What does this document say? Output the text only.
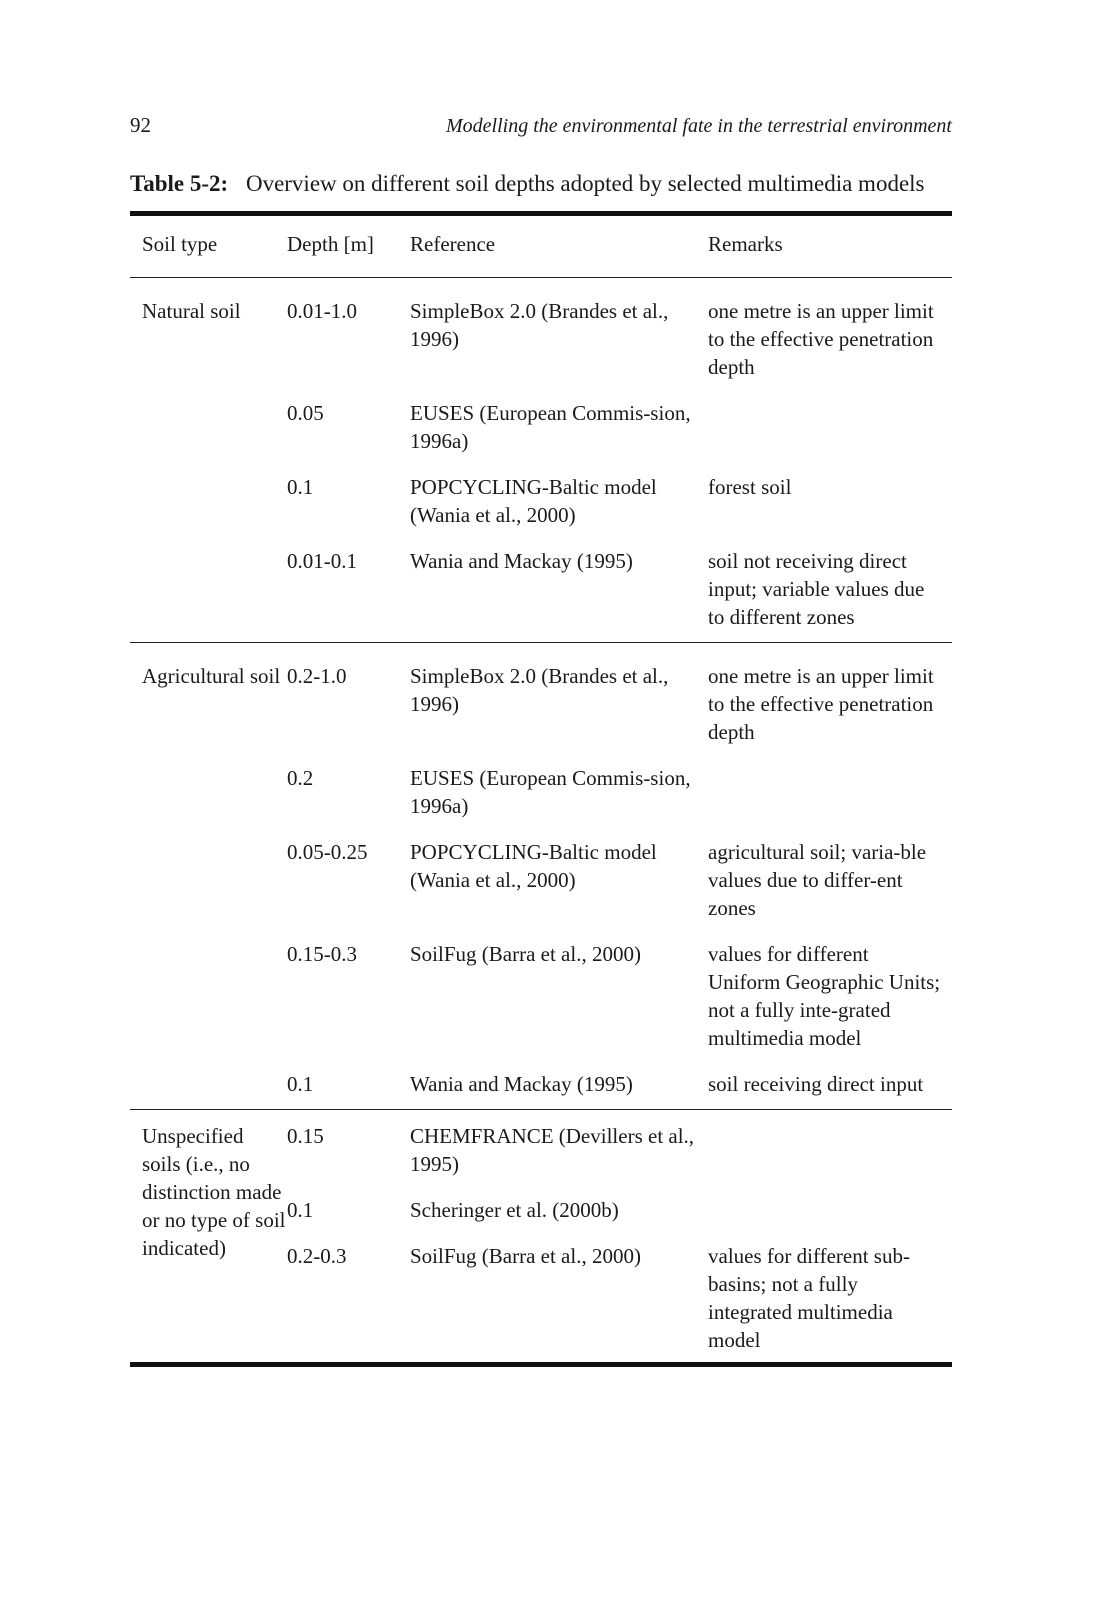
92	Modelling the environmental fate in the terrestrial environment
Table 5-2: Overview on different soil depths adopted by selected multimedia models
Soil type	Depth [m]	Reference	Remarks
Natural soil	0.01-1.0	SimpleBox 2.0 (Brandes et al., 1996)	one metre is an upper limit to the effective penetration depth
	0.05	EUSES (European Commis-sion, 1996a)	
	0.1	POPCYCLING-Baltic model (Wania et al., 2000)	forest soil
	0.01-0.1	Wania and Mackay (1995)	soil not receiving direct input; variable values due to different zones
Agricultural soil	0.2-1.0	SimpleBox 2.0 (Brandes et al., 1996)	one metre is an upper limit to the effective penetration depth
	0.2	EUSES (European Commis-sion, 1996a)	
	0.05-0.25	POPCYCLING-Baltic model (Wania et al., 2000)	agricultural soil; varia-ble values due to differ-ent zones
	0.15-0.3	SoilFug (Barra et al., 2000)	values for different Uniform Geographic Units; not a fully inte-grated multimedia model
	0.1	Wania and Mackay (1995)	soil receiving direct input
Unspecified soils (i.e., no distinction made or no type of soil indicated)	0.15	CHEMFRANCE (Devillers et al., 1995)	
	0.1	Scheringer et al. (2000b)	
	0.2-0.3	SoilFug (Barra et al., 2000)	values for different sub-basins; not a fully integrated multimedia model
